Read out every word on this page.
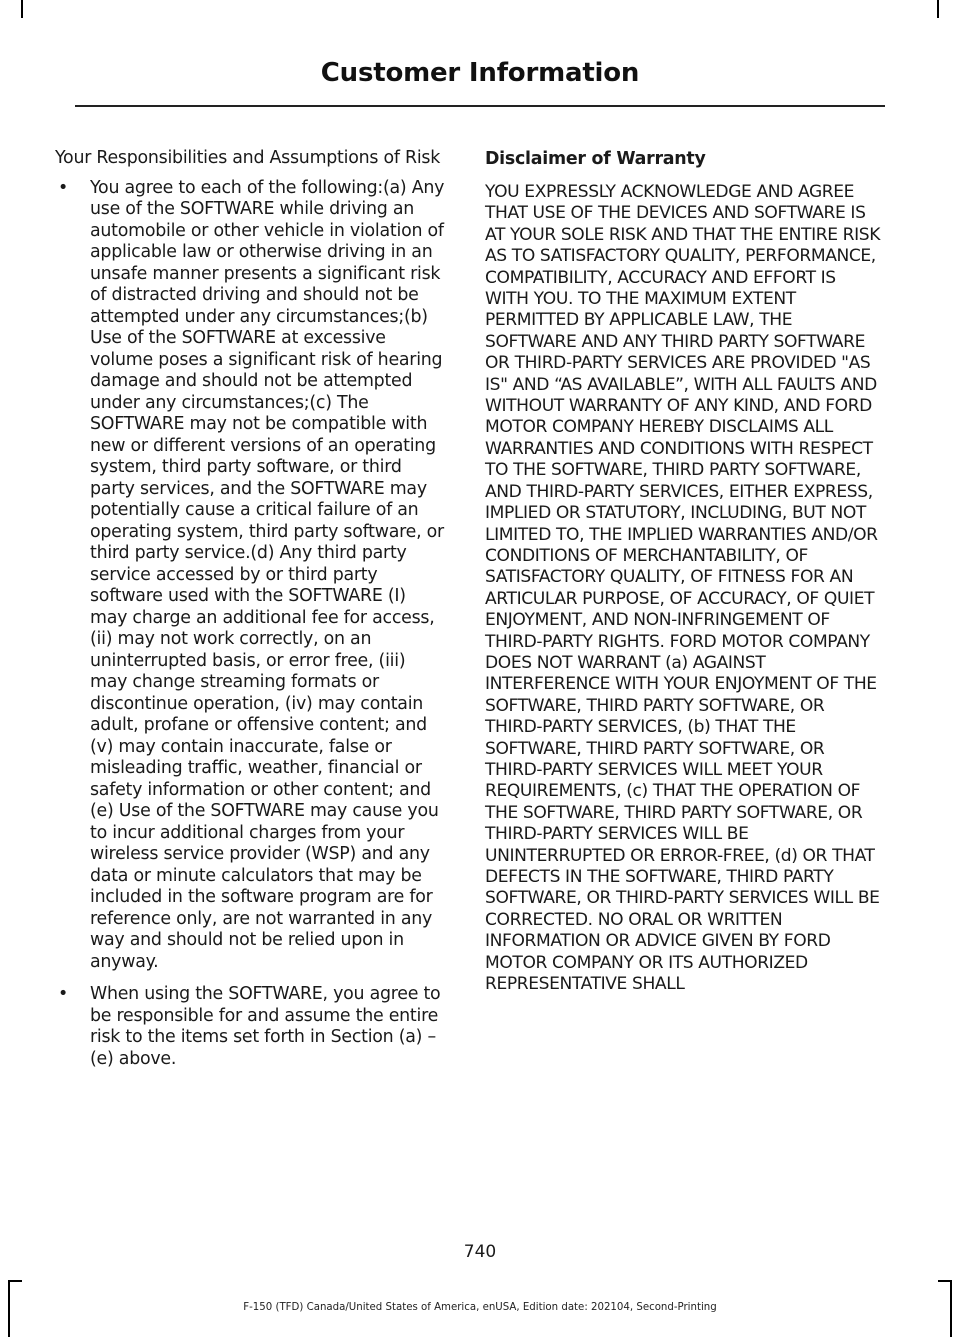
Customer Information

Your Responsibilities and Assumptions of Risk

• You agree to each of the following:(a) Any use of the SOFTWARE while driving an automobile or other vehicle in violation of applicable law or otherwise driving in an unsafe manner presents a significant risk of distracted driving and should not be attempted under any circumstances;(b) Use of the SOFTWARE at excessive volume poses a significant risk of hearing damage and should not be attempted under any circumstances;(c) The SOFTWARE may not be compatible with new or different versions of an operating system, third party software, or third party services, and the SOFTWARE may potentially cause a critical failure of an operating system, third party software, or third party service.(d) Any third party service accessed by or third party software used with the SOFTWARE (I) may charge an additional fee for access, (ii) may not work correctly, on an uninterrupted basis, or error free, (iii) may change streaming formats or discontinue operation, (iv) may contain adult, profane or offensive content; and (v) may contain inaccurate, false or misleading traffic, weather, financial or safety information or other content; and (e) Use of the SOFTWARE may cause you to incur additional charges from your wireless service provider (WSP) and any data or minute calculators that may be included in the software program are for reference only, are not warranted in any way and should not be relied upon in anyway.
• When using the SOFTWARE, you agree to be responsible for and assume the entire risk to the items set forth in Section (a) – (e) above.

Disclaimer of Warranty

YOU EXPRESSLY ACKNOWLEDGE AND AGREE THAT USE OF THE DEVICES AND SOFTWARE IS AT YOUR SOLE RISK AND THAT THE ENTIRE RISK AS TO SATISFACTORY QUALITY, PERFORMANCE, COMPATIBILITY, ACCURACY AND EFFORT IS WITH YOU. TO THE MAXIMUM EXTENT PERMITTED BY APPLICABLE LAW, THE SOFTWARE AND ANY THIRD PARTY SOFTWARE OR THIRD-PARTY SERVICES ARE PROVIDED "AS IS" AND “AS AVAILABLE”, WITH ALL FAULTS AND WITHOUT WARRANTY OF ANY KIND, AND FORD MOTOR COMPANY HEREBY DISCLAIMS ALL WARRANTIES AND CONDITIONS WITH RESPECT TO THE SOFTWARE, THIRD PARTY SOFTWARE, AND THIRD-PARTY SERVICES, EITHER EXPRESS, IMPLIED OR STATUTORY, INCLUDING, BUT NOT LIMITED TO, THE IMPLIED WARRANTIES AND/OR CONDITIONS OF MERCHANTABILITY, OF SATISFACTORY QUALITY, OF FITNESS FOR AN ARTICULAR PURPOSE, OF ACCURACY, OF QUIET ENJOYMENT, AND NON-INFRINGEMENT OF THIRD-PARTY RIGHTS. FORD MOTOR COMPANY DOES NOT WARRANT (a) AGAINST INTERFERENCE WITH YOUR ENJOYMENT OF THE SOFTWARE, THIRD PARTY SOFTWARE, OR THIRD-PARTY SERVICES, (b) THAT THE SOFTWARE, THIRD PARTY SOFTWARE, OR THIRD-PARTY SERVICES WILL MEET YOUR REQUIREMENTS, (c) THAT THE OPERATION OF THE SOFTWARE, THIRD PARTY SOFTWARE, OR THIRD-PARTY SERVICES WILL BE UNINTERRUPTED OR ERROR-FREE, (d) OR THAT DEFECTS IN THE SOFTWARE, THIRD PARTY SOFTWARE, OR THIRD-PARTY SERVICES WILL BE CORRECTED. NO ORAL OR WRITTEN INFORMATION OR ADVICE GIVEN BY FORD MOTOR COMPANY OR ITS AUTHORIZED REPRESENTATIVE SHALL

740
F-150 (TFD) Canada/United States of America, enUSA, Edition date: 202104, Second-Printing
